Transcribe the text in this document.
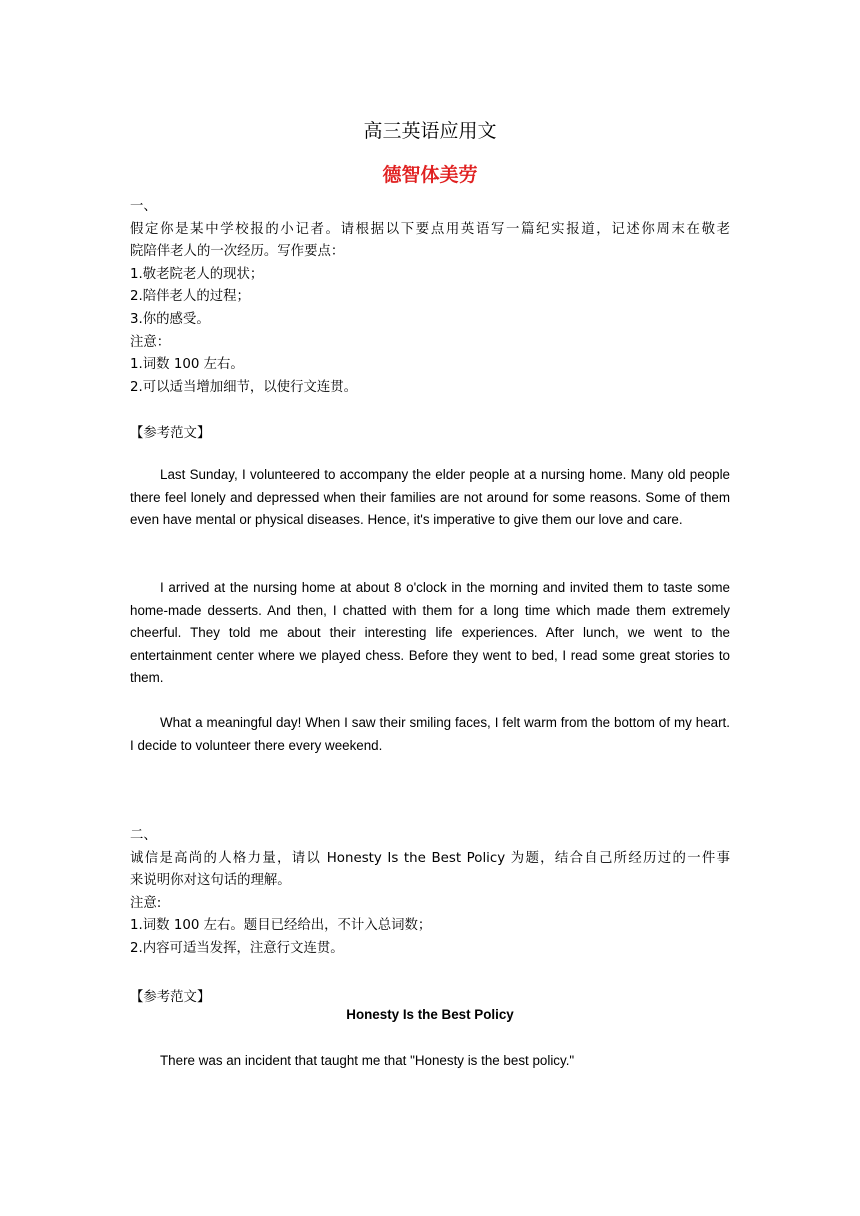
高三英语应用文
德智体美劳
一、
假定你是某中学校报的小记者。请根据以下要点用英语写一篇纪实报道，记述你周末在敬老
院陪伴老人的一次经历。写作要点：
1.敬老院老人的现状；
2.陪伴老人的过程；
3.你的感受。
注意：
1.词数 100 左右。
2.可以适当增加细节，以使行文连贯。
【参考范文】

Last Sunday, I volunteered to accompany the elder people at a nursing home. Many old people there feel lonely and depressed when their families are not around for some reasons. Some of them even have mental or physical diseases. Hence, it's imperative to give them our love and care.

I arrived at the nursing home at about 8 o'clock in the morning and invited them to taste some home-made desserts. And then, I chatted with them for a long time which made them extremely cheerful. They told me about their interesting life experiences. After lunch, we went to the entertainment center where we played chess. Before they went to bed, I read some great stories to them.

What a meaningful day! When I saw their smiling faces, I felt warm from the bottom of my heart. I decide to volunteer there every weekend.

二、
诚信是高尚的人格力量，请以 Honesty Is the Best Policy 为题，结合自己所经历过的一件事
来说明你对这句话的理解。
注意:
1.词数 100 左右。题目已经给出，不计入总词数；
2.内容可适当发挥，注意行文连贯。
【参考范文】
Honesty Is the Best Policy

There was an incident that taught me that "Honesty is the best policy."
